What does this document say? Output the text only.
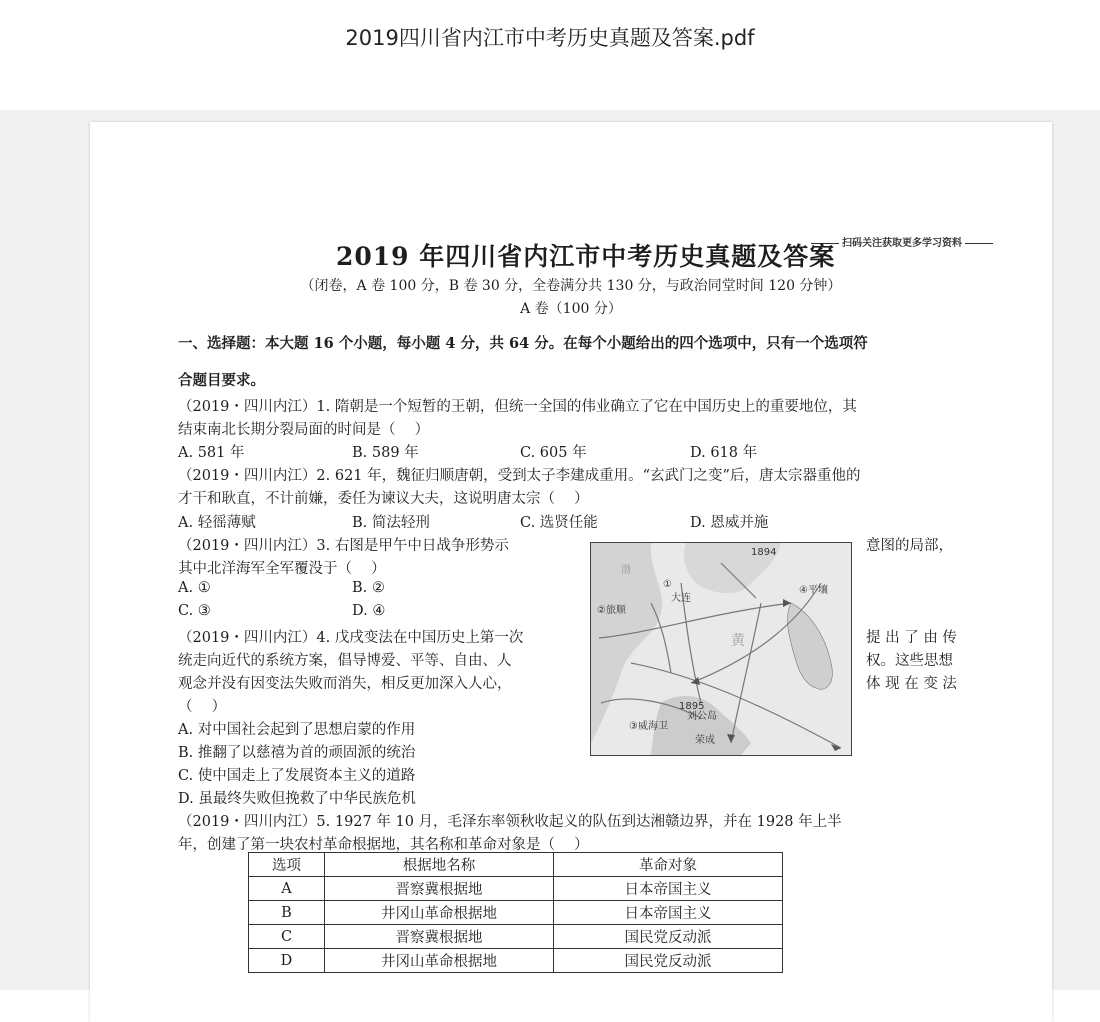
2019四川省内江市中考历史真题及答案.pdf
2019 年四川省内江市中考历史真题及答案 扫码关注获取更多学习资料
（闭卷，A 卷 100 分，B 卷 30 分，全卷满分共 130 分，与政治同堂时间 120 分钟）
A 卷（100 分）
一、选择题：本大题 16 个小题，每小题 4 分，共 64 分。在每个小题给出的四个选项中，只有一个选项符
合题目要求。
（2019・四川内江）1. 隋朝是一个短暂的王朝，但统一全国的伟业确立了它在中国历史上的重要地位，其
结束南北长期分裂局面的时间是（　 ）
A. 581 年	B. 589 年	C. 605 年	D. 618 年
（2019・四川内江）2. 621 年，魏征归顺唐朝，受到太子李建成重用。“玄武门之变”后，唐太宗器重他的
才干和耿直，不计前嫌，委任为谏议大夫，这说明唐太宗（　 ）
A. 轻徭薄赋	B. 简法轻刑	C. 选贤任能	D. 恩威并施
（2019・四川内江）3. 右图是甲午中日战争形势示	意图的局部，
其中北洋海军全军覆没于（　 ）
A. ①	B. ②
C. ③	D. ④
1894
①
大连
②旅顺
④平壤
黄
1895
刘公岛
③威海卫
荣成
渤
（2019・四川内江）4. 戊戌变法在中国历史上第一次	提 出 了 由 传
统走向近代的系统方案，倡导博爱、平等、自由、人	权。这些思想
观念并没有因变法失败而消失，相反更加深入人心，	体 现 在 变 法
（　 ）
A. 对中国社会起到了思想启蒙的作用
B. 推翻了以慈禧为首的顽固派的统治
C. 使中国走上了发展资本主义的道路
D. 虽最终失败但挽救了中华民族危机
（2019・四川内江）5. 1927 年 10 月，毛泽东率领秋收起义的队伍到达湘赣边界，并在 1928 年上半
年，创建了第一块农村革命根据地，其名称和革命对象是（　 ）
选项	根据地名称	革命对象
A	晋察冀根据地	日本帝国主义
B	井冈山革命根据地	日本帝国主义
C	晋察冀根据地	国民党反动派
D	井冈山革命根据地	国民党反动派
